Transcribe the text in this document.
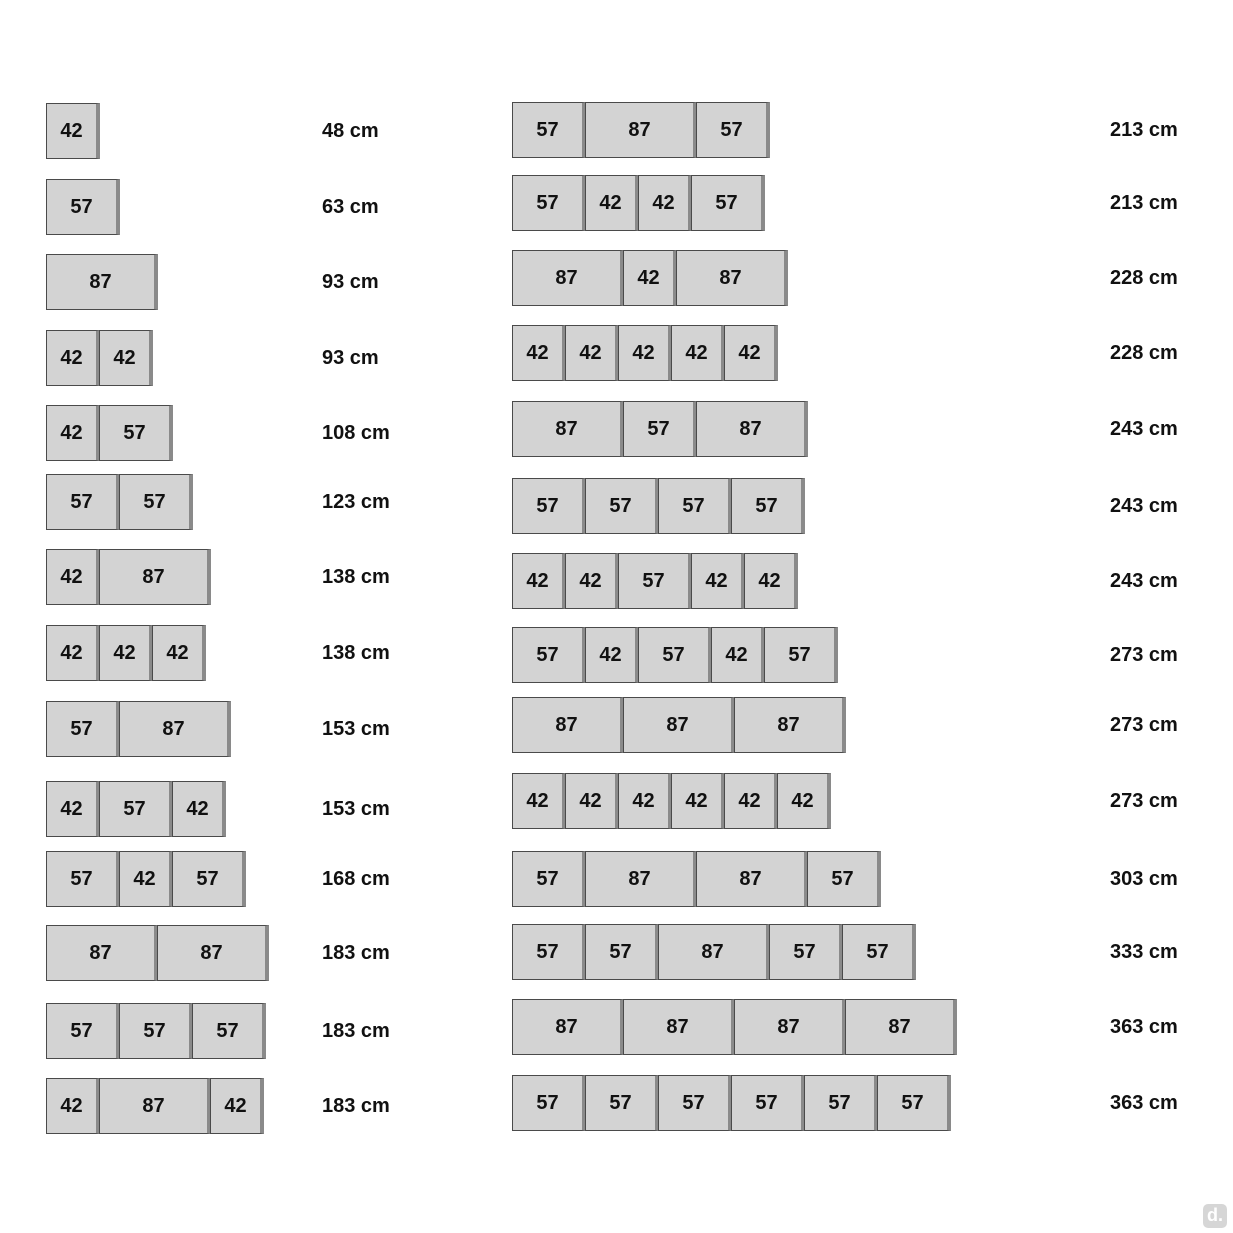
42	48 cm
57	63 cm
87	93 cm
42	42	93 cm
42	57	108 cm
57	57	123 cm
42	87	138 cm
42	42	42	138 cm
57	87	153 cm
42	57	42	153 cm
57	42	57	168 cm
87	87	183 cm
57	57	57	183 cm
42	87	42	183 cm
57	87	57	213 cm
57	42	42	57	213 cm
87	42	87	228 cm
42	42	42	42	42	228 cm
87	57	87	243 cm
57	57	57	57	243 cm
42	42	57	42	42	243 cm
57	42	57	42	57	273 cm
87	87	87	273 cm
42	42	42	42	42	42	273 cm
57	87	87	57	303 cm
57	57	87	57	57	333 cm
87	87	87	87	363 cm
57	57	57	57	57	57	363 cm
d.
